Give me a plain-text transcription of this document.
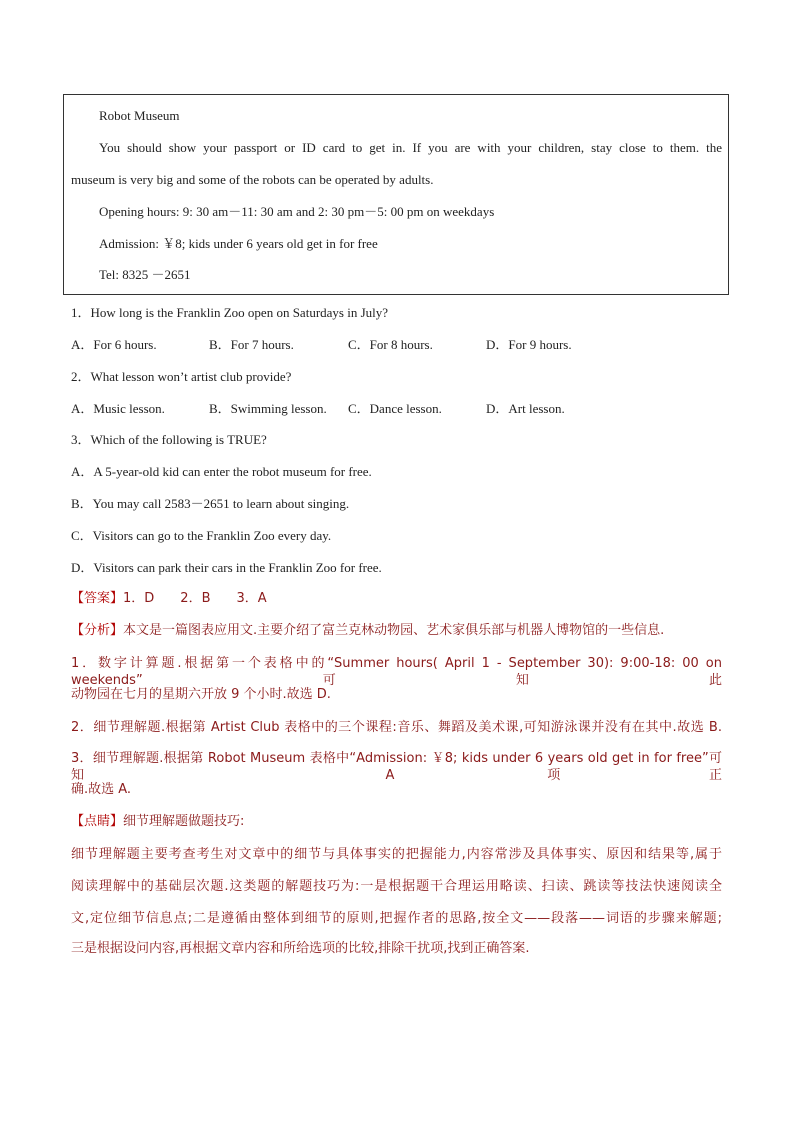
Robot Museum
You should show your passport or ID card to get in. If you are with your children, stay close to them. the
museum is very big and some of the robots can be operated by adults.
Opening hours: 9: 30 am－11: 30 am and 2: 30 pm－5: 00 pm on weekdays
Admission: ￥8; kids under 6 years old get in for free
Tel: 8325 －2651
1．How long is the Franklin Zoo open on Saturdays in July?
A．For 6 hours.	B．For 7 hours.	C．For 8 hours.	D．For 9 hours.
2．What lesson won’t artist club provide?
A．Music lesson.	B．Swimming lesson. C．Dance lesson.	D．Art lesson.
3．Which of the following is TRUE?
A．A 5-year-old kid can enter the robot museum for free.
B．You may call 2583－2651 to learn about singing.
C．Visitors can go to the Franklin Zoo every day.
D．Visitors can park their cars in the Franklin Zoo for free.
【答案】1．D　　2．B　　3．A
【分析】本文是一篇图表应用文.主要介绍了富兰克林动物园、艺术家俱乐部与机器人博物馆的一些信息.
1．数字计算题.根据第一个表格中的“Summer hours( April 1 - September 30): 9:00-18: 00 on weekends”可知此
动物园在七月的星期六开放 9 个小时.故选 D.
2．细节理解题.根据第 Artist Club 表格中的三个课程:音乐、舞蹈及美术课,可知游泳课并没有在其中.故选 B.
3．细节理解题.根据第 Robot Museum 表格中“Admission: ￥8; kids under 6 years old get in for free”可知 A 项正
确.故选 A.
【点睛】细节理解题做题技巧:
细节理解题主要考查考生对文章中的细节与具体事实的把握能力,内容常涉及具体事实、原因和结果等,属于
阅读理解中的基础层次题.这类题的解题技巧为:一是根据题干合理运用略读、扫读、跳读等技法快速阅读全
文,定位细节信息点;二是遵循由整体到细节的原则,把握作者的思路,按全文——段落——词语的步骤来解题;
三是根据设问内容,再根据文章内容和所给选项的比较,排除干扰项,找到正确答案.
